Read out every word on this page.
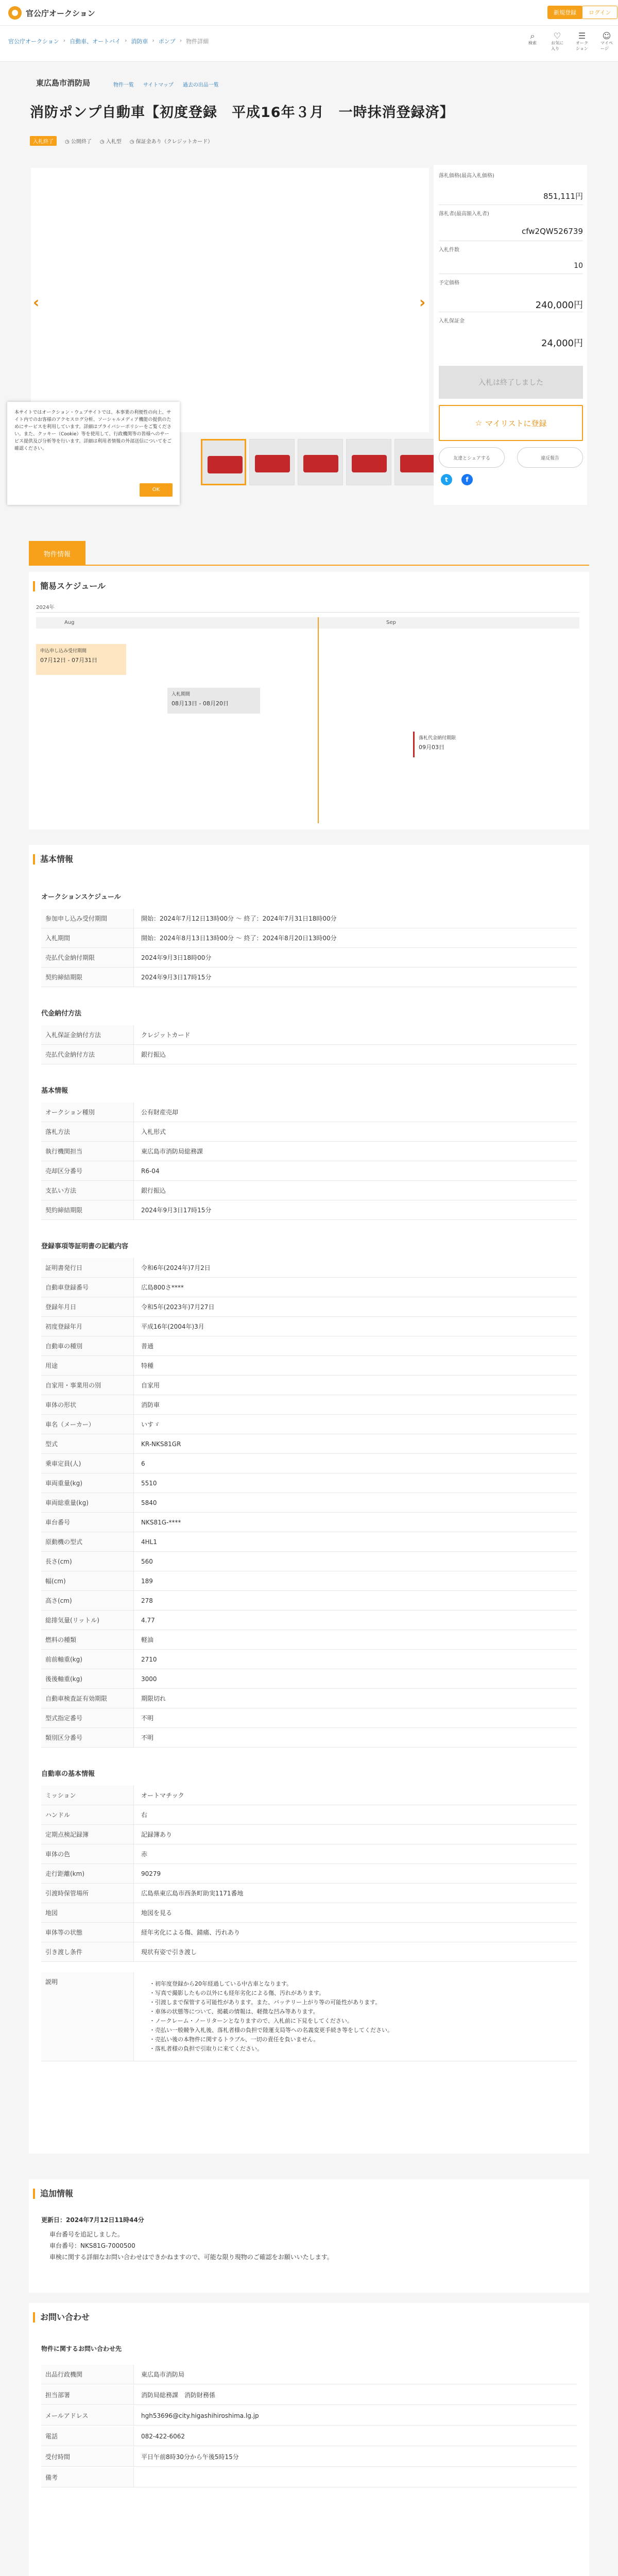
官公庁オークション	新規登録	ログイン
官公庁オークション › 自動車、オートバイ › 消防車 › ポンプ › 物件詳細
⌕
検索
♡
お気に入り
☰
オークション
☺
マイページ
東広島市消防局	物件一覧 サイトマップ 過去の出品一覧
消防ポンプ自動車【初度登録　平成16年３月　一時抹消登録済】
入札終了	◷ 公開終了 ◷ 入札型 ◷ 保証金あり（クレジットカード）
‹	›

本サイトではオークション・ウェブサイトでは、本事業の利便性の向上、サイト内でのお客様のアクセスログ分析、ソーシャルメディア機能の提供のためにサービスを利用しています。詳細はプライバシーポリシーをご覧ください。また、クッキー（Cookie）等を使用して、行政機関等の皆様へのサービス提供及び分析等を行います。詳細は利用者情報の外部送信についてをご確認ください。

OK
落札価格(最高入札価格)
851,111円
落札者(最高額入札者)
cfw2QW526739
入札件数
10
予定価格
240,000円
入札保証金
24,000円
入札は終了しました
☆ マイリストに登録
友達とシェアする	違反報告
t	f
物件情報
簡易スケジュール
2024年
Aug	Sep
申込申し込み受付期間
07月12日 - 07月31日
入札期間
08月13日 - 08月20日
落札代金納付期限
09月03日
基本情報
オークションスケジュール
参加申し込み受付期間	開始：2024年7月12日13時00分 ～ 終了：2024年7月31日18時00分
入札期間	開始：2024年8月13日13時00分 ～ 終了：2024年8月20日13時00分
売払代金納付期限	2024年9月3日18時00分
契約締結期限	2024年9月3日17時15分
代金納付方法
入札保証金納付方法	クレジットカード
売払代金納付方法	銀行振込
基本情報
オークション種別	公有財産売却
落札方法	入札形式
執行機関担当	東広島市消防局総務課
売却区分番号	R6-04
支払い方法	銀行振込
契約締結期限	2024年9月3日17時15分
登録事項等証明書の記載内容
証明書発行日	令和6年(2024年)7月2日
自動車登録番号	広島800さ****
登録年月日	令和5年(2023年)7月27日
初度登録年月	平成16年(2004年)3月
自動車の種別	普通
用途	特種
自家用・事業用の別	自家用
車体の形状	消防車
車名（メーカー）	いすゞ
型式	KR-NKS81GR
乗車定員(人)	6
車両重量(kg)	5510
車両総重量(kg)	5840
車台番号	NKS81G-****
原動機の型式	4HL1
長さ(cm)	560
幅(cm)	189
高さ(cm)	278
総排気量(リットル)	4.77
燃料の種類	軽油
前前軸重(kg)	2710
後後軸重(kg)	3000
自動車検査証有効期限	期限切れ
型式指定番号	不明
類別区分番号	不明
自動車の基本情報
ミッション	オートマチック
ハンドル	右
定期点検記録簿	記録簿あり
車体の色	赤
走行距離(km)	90279
引渡時保管場所	広島県東広島市西条町助実1171番地
地図	地図を見る
車体等の状態	経年劣化による傷、錆痛、汚れあり
引き渡し条件	現状有姿で引き渡し
説明	・初年度登録から20年経過している中古車となります。
・写真で撮影したもの以外にも経年劣化による傷、汚れがあります。
・引渡しまで保管する可能性があります。また、バッテリー上がり等の可能性があります。
・車体の状態等について、掲載の情報は、軽微な凹み等あります。
・ノークレーム・ノーリターンとなりますので、入札前に下見をしてください。
・売払い一般競争入札後、落札者様の負担で陸運支局等への名義変更手続き等をしてください。
・売払い後の本物件に関するトラブル、一切の責任を負いません。
・落札者様の負担で引取りに来てください。
追加情報
更新日：2024年7月12日11時44分
車台番号を追記しました。
車台番号：NKS81G-7000500
車検に関する詳細なお問い合わせはできかねますので、可能な限り現物のご確認をお願いいたします。
お問い合わせ
物件に関するお問い合わせ先
出品行政機関	東広島市消防局
担当部署	消防局総務課　消防財務係
メールアドレス	hgh53696@city.higashihiroshima.lg.jp
電話	082-422-6062
受付時間	平日午前8時30分から午後5時15分
備考
